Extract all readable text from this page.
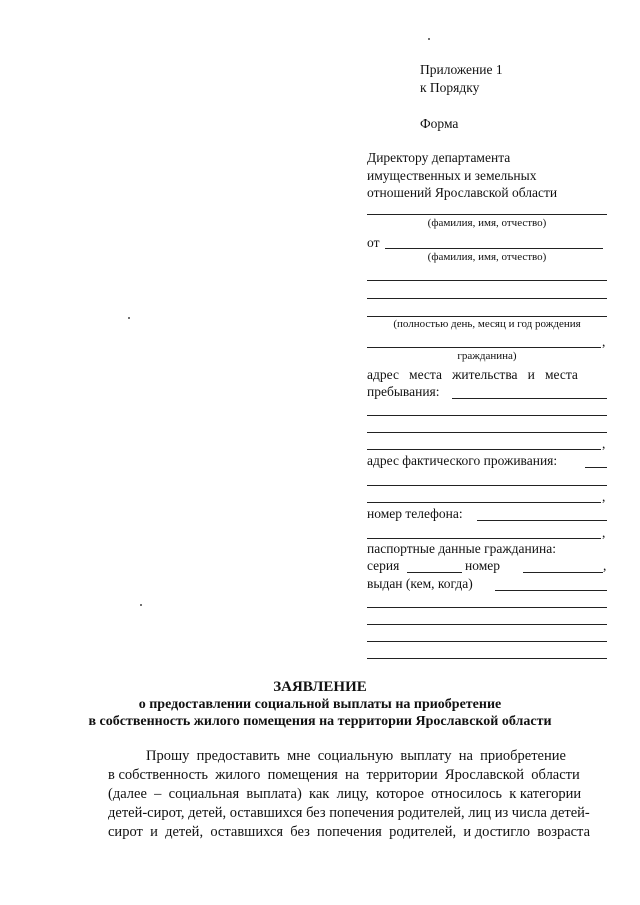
Приложение 1
к Порядку
Форма
Директору департамента
имущественных и земельных
отношений Ярославской области
(фамилия, имя, отчество)
от
(фамилия, имя, отчество)
(полностью день, месяц и год рождения
,
гражданина)
адрес   места   жительства   и   места
пребывания:
,
адрес фактического проживания:
,
номер телефона:
,
паспортные данные гражданина:
серия	номер	,
выдан (кем, когда)
ЗАЯВЛЕНИЕ
о предоставлении социальной выплаты на приобретение
в собственность жилого помещения на территории Ярославской области
Прошу  предоставить  мне  социальную  выплату  на  приобретение
в собственность  жилого  помещения  на  территории  Ярославской  области
(далее  –  социальная  выплата)  как  лицу,  которое  относилось  к категории
детей-сирот, детей, оставшихся без попечения родителей, лиц из числа детей-
сирот  и  детей,  оставшихся  без  попечения  родителей,  и достигло  возраста
